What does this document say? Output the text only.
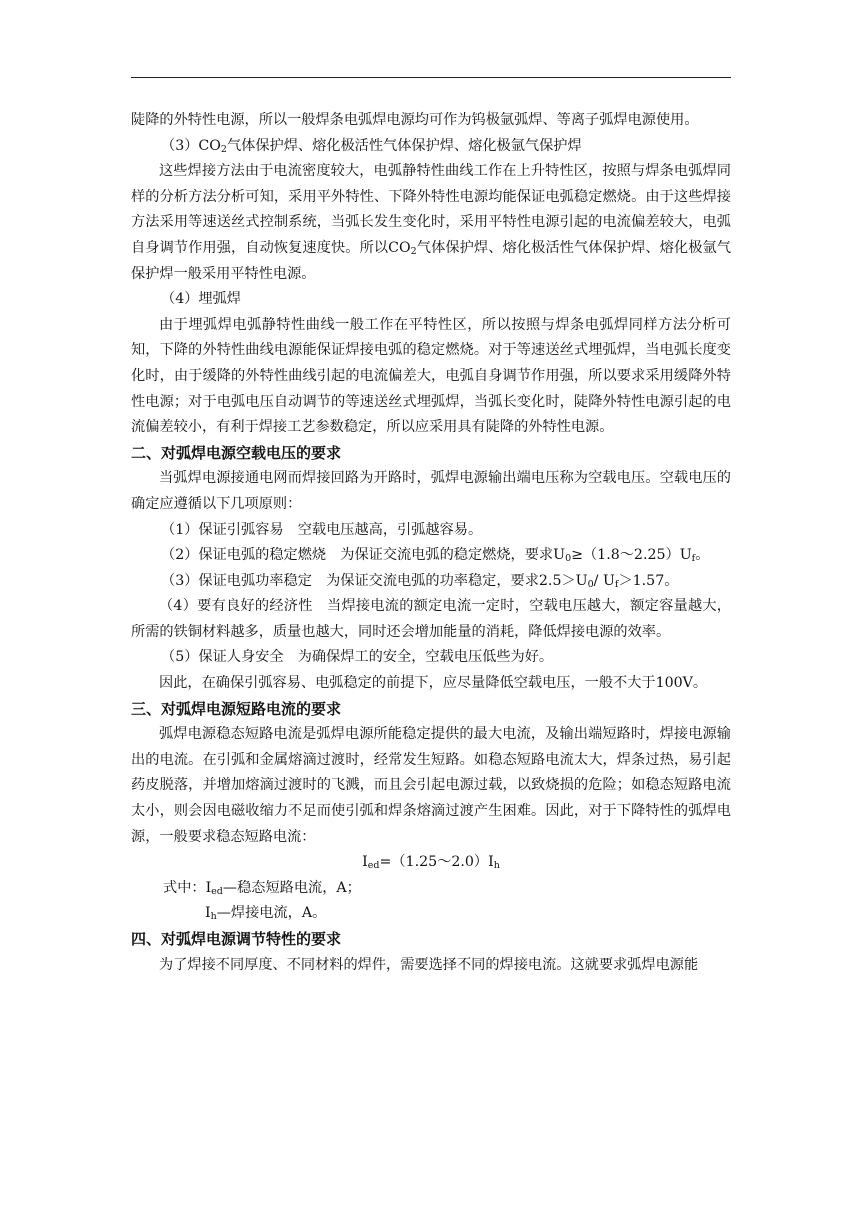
陡降的外特性电源，所以一般焊条电弧焊电源均可作为钨极氩弧焊、等离子弧焊电源使用。

$(3)CO_2$气体保护焊、熔化极活性气体保护焊、熔化极氩气保护焊

这些焊接方法由于电流密度较大，电弧静特性曲线工作在上升特性区，按照与焊条电弧焊同样的分析方法分析可知，采用平外特性、下降外特性电源均能保证电弧稳定燃烧。由于这些焊接方法采用等速送丝式控制系统，当弧长发生变化时，采用平特性电源引起的电流偏差较大，电弧自身调节作用强，自动恢复速度快。所以$CO_2$气体保护焊、熔化极活性气体保护焊、熔化极氩气保护焊一般采用平特性电源。

（4）埋弧焊

由于埋弧焊电弧静特性曲线一般工作在平特性区，所以按照与焊条电弧焊同样方法分析可知，下降的外特性曲线电源能保证焊接电弧的稳定燃烧。对于等速送丝式埋弧焊，当电弧长度变化时，由于缓降的外特性曲线引起的电流偏差大，电弧自身调节作用强，所以要求采用缓降外特性电源；对于电弧电压自动调节的等速送丝式埋弧焊，当弧长变化时，陡降外特性电源引起的电流偏差较小，有利于焊接工艺参数稳定，所以应采用具有陡降的外特性电源。

二、对弧焊电源空载电压的要求

当弧焊电源接通电网而焊接回路为开路时，弧焊电源输出端电压称为空载电压。空载电压的确定应遵循以下几项原则：

（1）保证引弧容易　空载电压越高，引弧越容易。

（2）保证电弧的稳定燃烧　为保证交流电弧的稳定燃烧，要求$U_0\ge(1.8\sim 2.25)U_f$。

（3）保证电弧功率稳定　为保证交流电弧的功率稳定，要求$2.5>U_0/$ $U_f>1.57$。

（4）要有良好的经济性　当焊接电流的额定电流一定时，空载电压越大，额定容量越大，所需的铁铜材料越多，质量也越大，同时还会增加能量的消耗，降低焊接电源的效率。

（5）保证人身安全　为确保焊工的安全，空载电压低些为好。

因此，在确保引弧容易、电弧稳定的前提下，应尽量降低空载电压，一般不大于100V。

三、对弧焊电源短路电流的要求

弧焊电源稳态短路电流是弧焊电源所能稳定提供的最大电流，及输出端短路时，焊接电源输出的电流。在引弧和金属熔滴过渡时，经常发生短路。如稳态短路电流太大，焊条过热，易引起药皮脱落，并增加熔滴过渡时的飞溅，而且会引起电源过载，以致烧损的危险；如稳态短路电流太小，则会因电磁收缩力不足而使引弧和焊条熔滴过渡产生困难。因此，对于下降特性的弧焊电源，一般要求稳态短路电流：

$I_{ed}=(1.25\sim 2.0)I_h$

式中：$I_{ed}—$稳态短路电流，A；

$I_h—$焊接电流，A。

四、对弧焊电源调节特性的要求

为了焊接不同厚度、不同材料的焊件，需要选择不同的焊接电流。这就要求弧焊电源能
